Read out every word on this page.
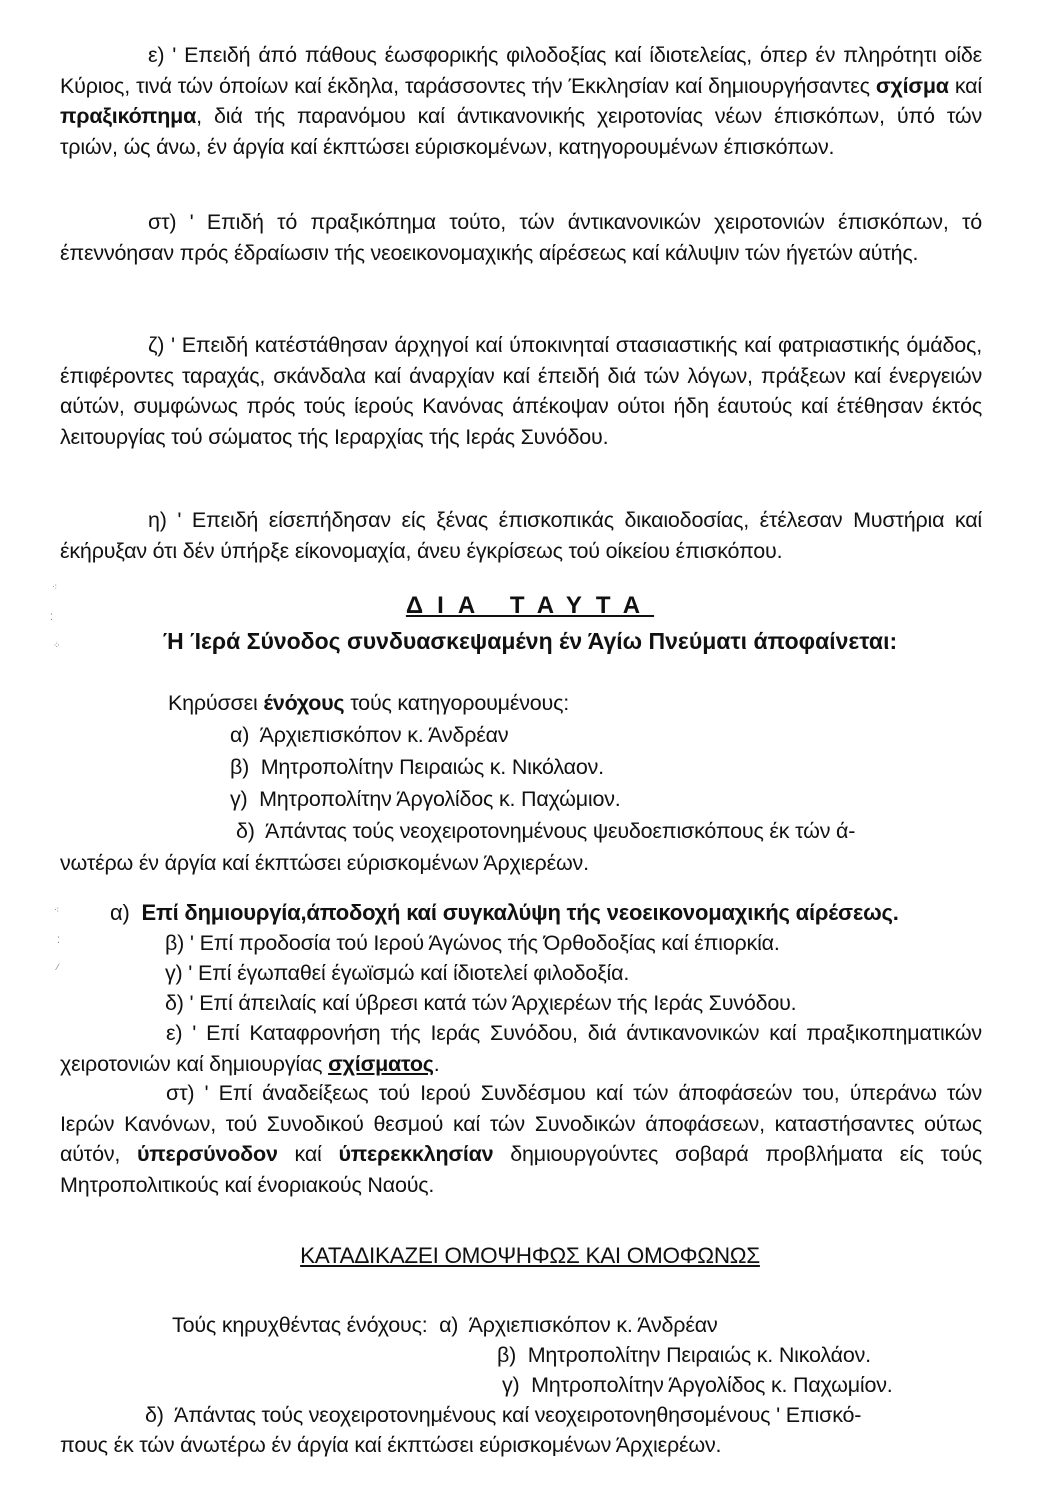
ε) ' Επειδή άπό πάθους έωσφορικής φιλοδοξίας καί ίδιοτελείας, όπερ έν πληρότητι οίδε Κύριος, τινά τών όποίων καί έκδηλα, ταράσσοντες τήν Έκκλησίαν καί δημιουργήσαντες σχίσμα καί πραξικόπημα, διά τής παρανόμου καί άντικανονικής χειροτονίας νέων έπισκόπων, ύπό τών τριών, ώς άνω, έν άργία καί έκπτώσει εύρισκομένων, κατηγορουμένων έπισκόπων.
στ) ' Επιδή τό πραξικόπημα τούτο, τών άντικανονικών χειροτονιών έπισκόπων, τό έπεννόησαν πρός έδραίωσιν τής νεοεικονομαχικής αίρέσεως καί κάλυψιν τών ήγετών αύτής.
ζ) ' Επειδή κατέστάθησαν άρχηγοί καί ύποκινηταί στασιαστικής καί φατριαστικής όμάδος, έπιφέροντες ταραχάς, σκάνδαλα καί άναρχίαν καί έπειδή διά τών λόγων, πράξεων καί ένεργειών αύτών, συμφώνως πρός τούς ίερούς Κανόνας άπέκοψαν ούτοι ήδη έαυτούς καί έτέθησαν έκτός λειτουργίας τού σώματος τής Ιεραρχίας τής Ιεράς Συνόδου.
η) ' Επειδή είσεπήδησαν είς ξένας έπισκοπικάς δικαιοδοσίας, έτέλεσαν Μυστήρια καί έκήρυξαν ότι δέν ύπήρξε είκονομαχία, άνευ έγκρίσεως τού οίκείου έπισκόπου.
ΔΙΑ ΤΑΥΤΑ
Ή Ίερά Σύνοδος συνδυασκεψαμένη έν Άγίω Πνεύματι άποφαίνεται:
Κηρύσσει ένόχους τούς κατηγορουμένους:
α) Άρχιεπισκόπον κ. Άνδρέαν
β) Μητροπολίτην Πειραιώς κ. Νικόλαον.
γ) Μητροπολίτην Άργολίδος κ. Παχώμιον.
δ) Άπάντας τούς νεοχειροτονημένους ψευδοεπισκόπους έκ τών ά-
νωτέρω έν άργία καί έκπτώσει εύρισκομένων Άρχιερέων.
α) Επί δημιουργία,άποδοχή καί συγκαλύψη τής νεοεικονομαχικής αίρέσεως.
β) ' Επί προδοσία τού Ιερού Άγώνος τής Όρθοδοξίας καί έπιορκία.
γ) ' Επί έγωπαθεί έγωϊσμώ καί ίδιοτελεί φιλοδοξία.
δ) ' Επί άπειλαίς καί ύβρεσι κατά τών Άρχιερέων τής Ιεράς Συνόδου.
ε) ' Επί Καταφρονήση τής Ιεράς Συνόδου, διά άντικανονικών καί πραξικοπηματικών χειροτονιών καί δημιουργίας σχίσματος.
στ) ' Επί άναδείξεως τού Ιερού Συνδέσμου καί τών άποφάσεών του, ύπεράνω τών Ιερών Κανόνων, τού Συνοδικού θεσμού καί τών Συνοδικών άποφάσεων, καταστήσαντες ούτως αύτόν, ύπερσύνοδον καί ύπερεκκλησίαν δημιουργούντες σοβαρά προβλήματα είς τούς Μητροπολιτικούς καί ένοριακούς Ναούς.
ΚΑΤΑΔΙΚΑΖΕΙ ΟΜΟΨΗΦΩΣ ΚΑΙ ΟΜΟΦΩΝΩΣ
Τούς κηρυχθέντας ένόχους: α) Άρχιεπισκόπον κ. Άνδρέαν
β) Μητροπολίτην Πειραιώς κ. Νικολάον.
γ) Μητροπολίτην Άργολίδος κ. Παχωμίον.
δ) Άπάντας τούς νεοχειροτονημένους καί νεοχειροτονηθησομένους ' Επισκό-
πους έκ τών άνωτέρω έν άργία καί έκπτώσει εύρισκομένων Άρχιερέων.
⁖
⁚
⁘
⁖
⁚
⁄
